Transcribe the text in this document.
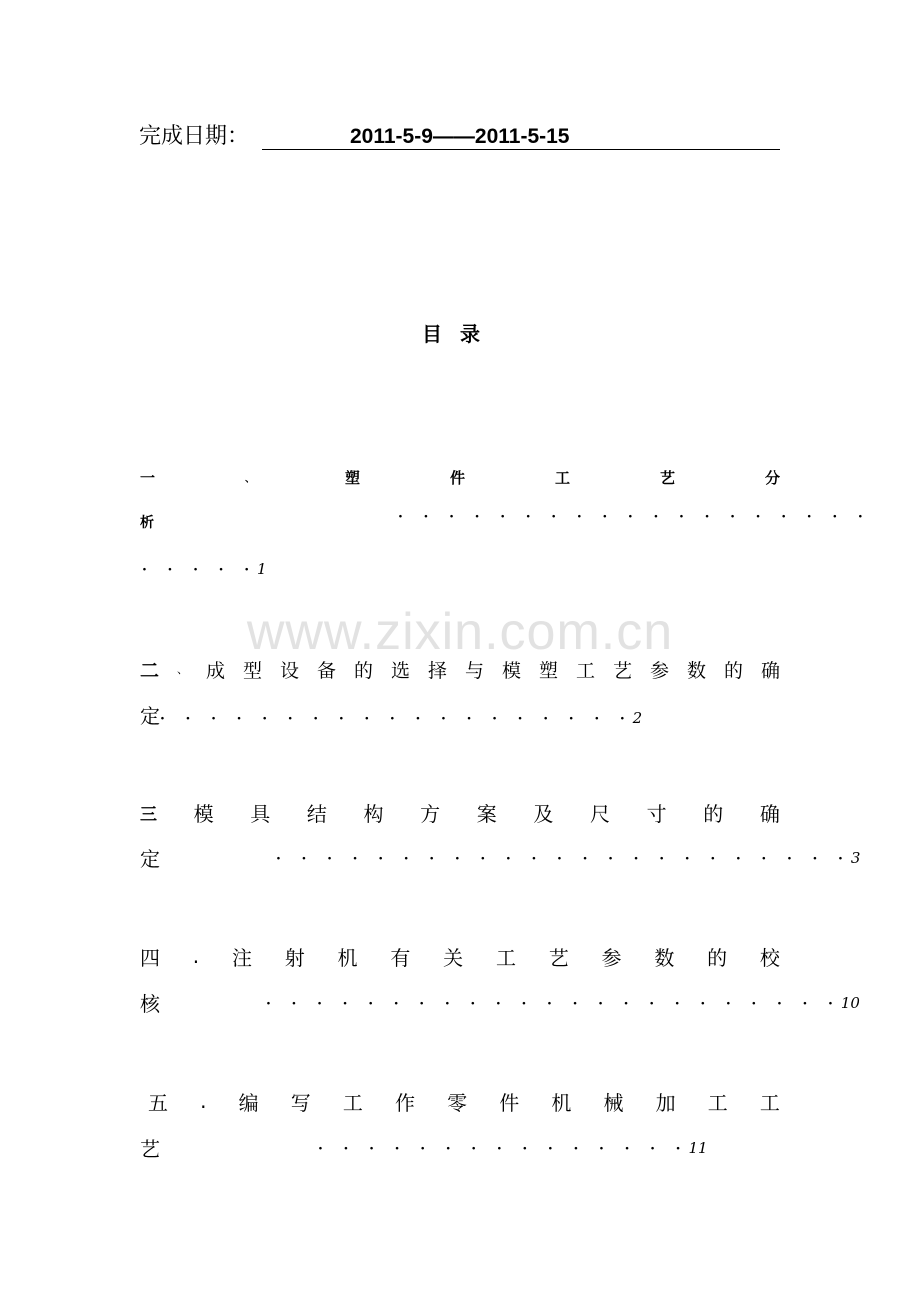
完成日期：	2011-5-9——2011-5-15
目录
www.zixin.com.cn
一	、	塑	件	工	艺	分
析	· · · · · · · · · · · · · · · · · · ·
· · · · ·1
二 、 成 型 设 备 的 选 择 与 模 塑 工 艺 参 数 的 确
定· · · · · · · · · · · · · · · · · · ·2
三 模 具 结 构 方 案 及 尺 寸 的 确
定	· · · · · · · · · · · · · · · · · · · · · · ·3
四 . 注 射 机 有 关 工 艺 参 数 的 校
核	· · · · · · · · · · · · · · · · · · · · · · ·10
五 . 编 写 工 作 零 件 机 械 加 工 工
艺	· · · · · · · · · · · · · · ·11
